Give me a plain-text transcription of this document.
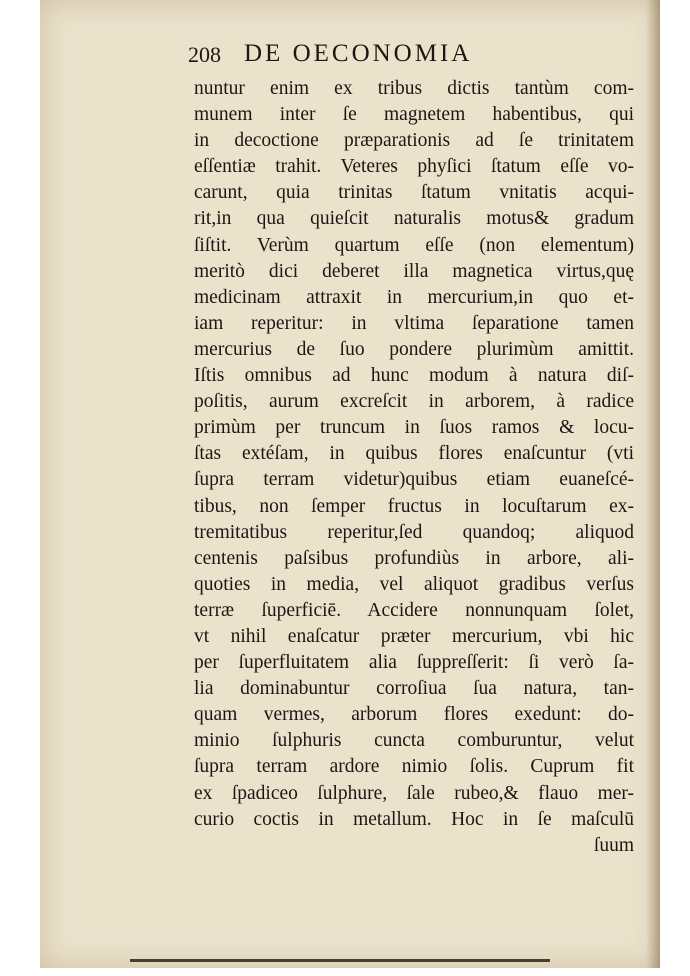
208 DE OECONOMIA
nuntur enim ex tribus dictis tantùm com-
munem inter ſe magnetem habentibus, qui
in decoctione præparationis ad ſe trinitatem
eſſentiæ trahit. Veteres phyſici ſtatum eſſe vo-
carunt, quia trinitas ſtatum vnitatis acqui-
rit,in qua quieſcit naturalis motus& gradum
ſiſtit. Verùm quartum eſſe (non elementum)
meritò dici deberet illa magnetica virtus,quę
medicinam attraxit in mercurium,in quo et-
iam reperitur: in vltima ſeparatione tamen
mercurius de ſuo pondere plurimùm amittit.
Iſtis omnibus ad hunc modum à natura diſ-
poſitis, aurum excreſcit in arborem, à radice
primùm per truncum in ſuos ramos & locu-
ſtas extéſam, in quibus flores enaſcuntur (vti
ſupra terram videtur)quibus etiam euaneſcé-
tibus, non ſemper fructus in locuſtarum ex-
tremitatibus reperitur,ſed quandoq; aliquod
centenis paſsibus profundiùs in arbore, ali-
quoties in media, vel aliquot gradibus verſus
terræ ſuperficiē. Accidere nonnunquam ſolet,
vt nihil enaſcatur præter mercurium, vbi hic
per ſuperfluitatem alia ſuppreſſerit: ſi verò ſa-
lia dominabuntur corroſiua ſua natura, tan-
quam vermes, arborum flores exedunt: do-
minio ſulphuris cuncta comburuntur, velut
ſupra terram ardore nimio ſolis. Cuprum fit
ex ſpadiceo ſulphure, ſale rubeo,& flauo mer-
curio coctis in metallum. Hoc in ſe maſculū
ſuum
